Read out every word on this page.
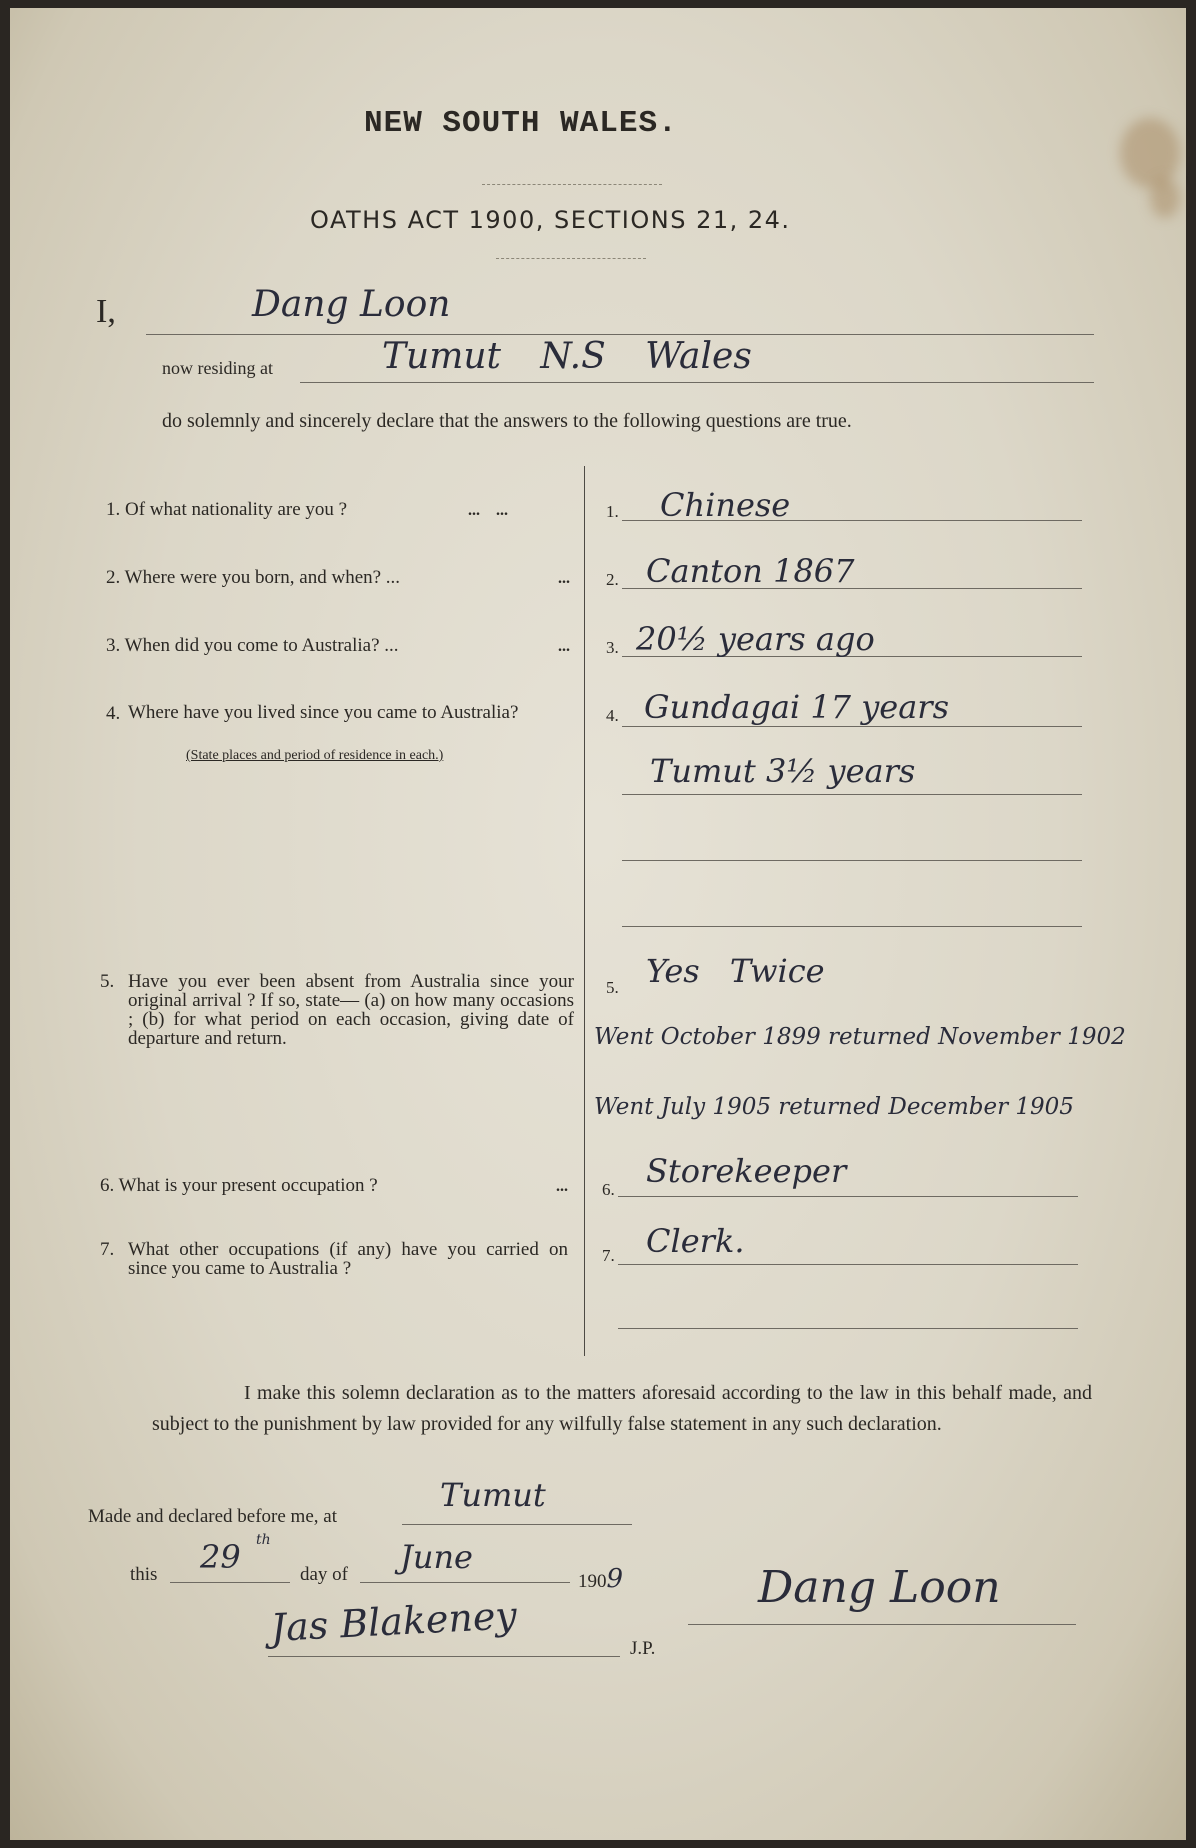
NEW SOUTH WALES.
OATHS ACT 1900, SECTIONS 21, 24.
I,	Dang Loon
now residing at	Tumut N.S Wales
do solemnly and sincerely declare that the answers to the following questions are true.
1. Of what nationality are you ?	...    ...	1. Chinese
2. Where were you born, and when? ...	... 2. Canton 1867
3. When did you come to Australia? ...	... 3. 20½ years ago
4. Where have you lived since you came to Australia?
(State places and period of residence in each.)
4. Gundagai 17 years
Tumut 3½ years
5. Have you ever been absent from Australia since your original arrival ? If so, state— (a) on how many occasions ; (b) for what period on each occasion, giving date of departure and return.
5. Yes Twice
Went October 1899 returned November 1902
Went July 1905 returned December 1905
6. What is your present occupation ?	... 6. Storekeeper
7. What other occupations (if any) have you carried on since you came to Australia ?
7. Clerk.
I make this solemn declaration as to the matters aforesaid according to the law in this behalf made, and subject to the punishment by law provided for any wilfully false statement in any such declaration.
Made and declared before me, at
Tumut
this 29 th
day of June
1909
Jas Blakeney	J.P.
Dang Loon
